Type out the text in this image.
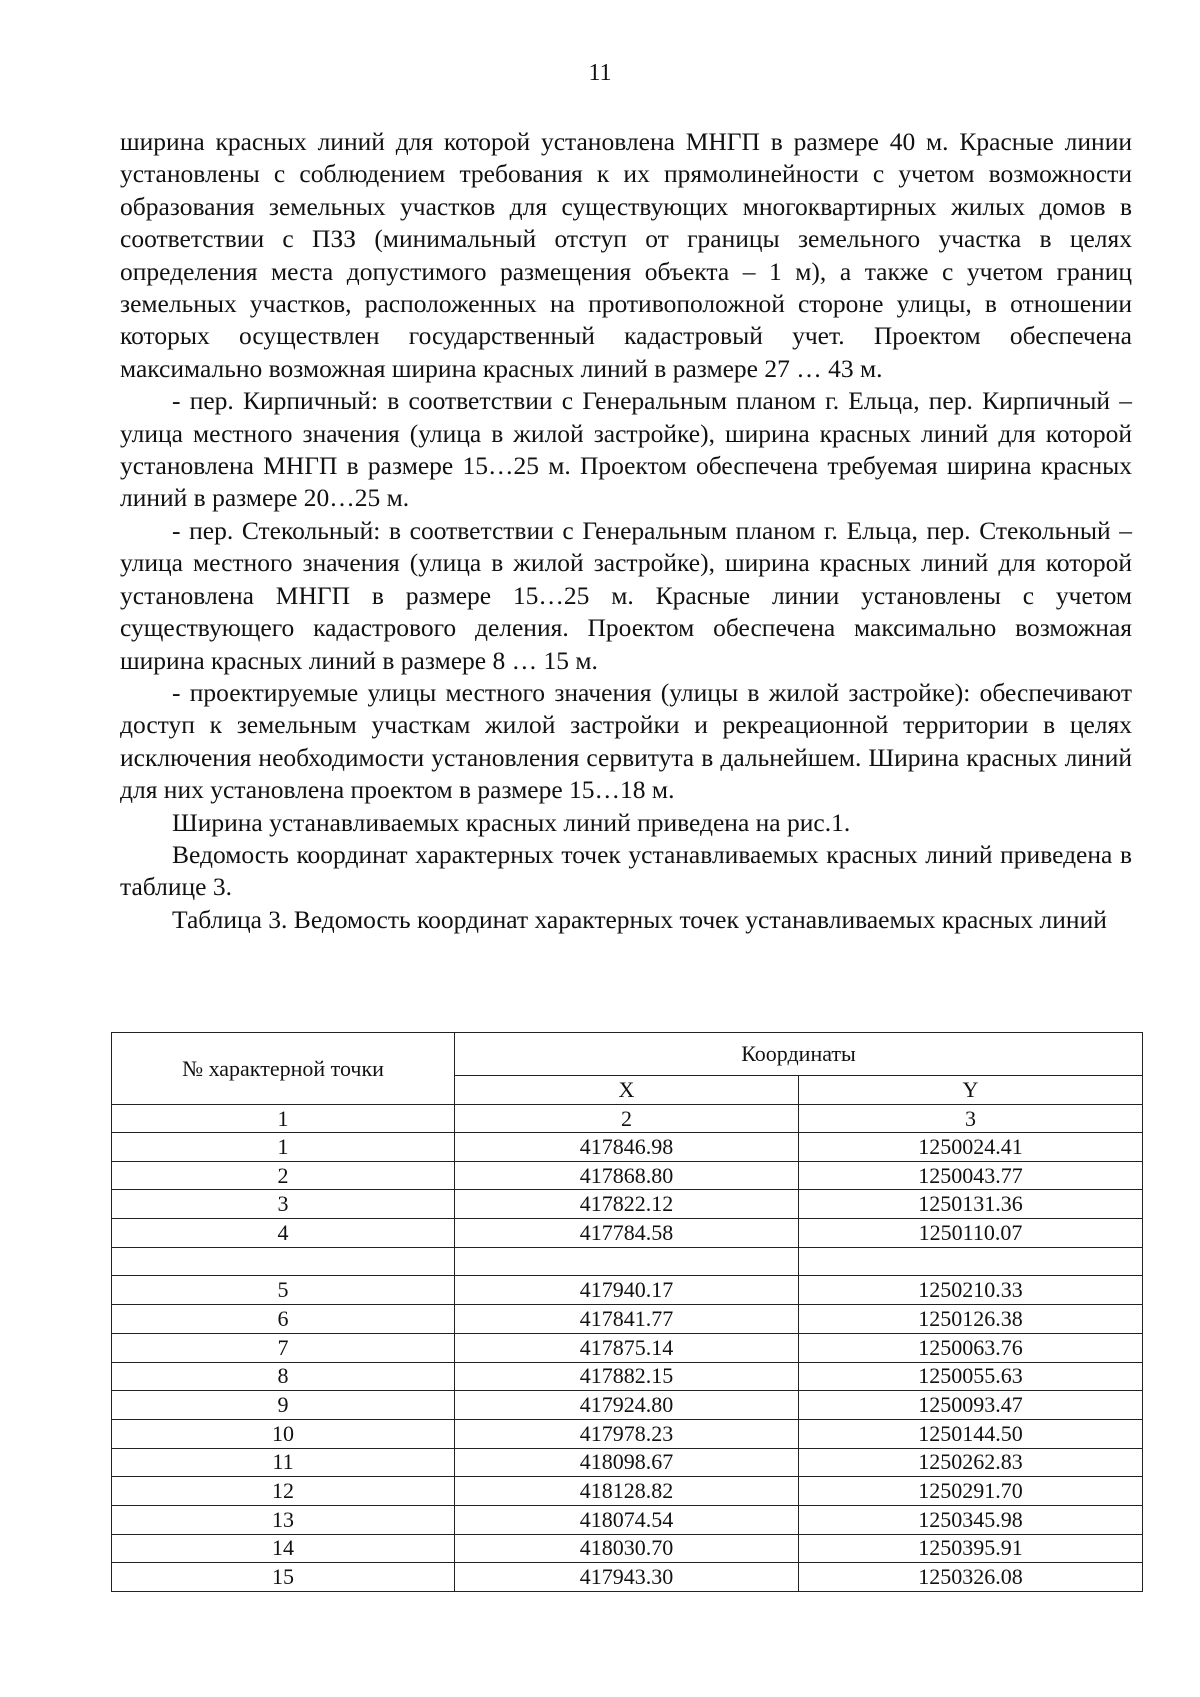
11

ширина красных линий для которой установлена МНГП в размере 40 м. Красные линии установлены с соблюдением требования к их прямолинейности с учетом возможности образования земельных участков для существующих многоквартирных жилых домов в соответствии с ПЗЗ (минимальный отступ от границы земельного участка в целях определения места допустимого размещения объекта – 1 м), а также с учетом границ земельных участков, расположенных на противоположной стороне улицы, в отношении которых осуществлен государственный кадастровый учет. Проектом обеспечена максимально возможная ширина красных линий в размере 27 … 43 м.

- пер. Кирпичный: в соответствии с Генеральным планом г. Ельца, пер. Кирпичный – улица местного значения (улица в жилой застройке), ширина красных линий для которой установлена МНГП в размере 15…25 м. Проектом обеспечена требуемая ширина красных линий в размере 20…25 м.

- пер. Стекольный: в соответствии с Генеральным планом г. Ельца, пер. Стекольный – улица местного значения (улица в жилой застройке), ширина красных линий для которой установлена МНГП в размере 15…25 м. Красные линии установлены с учетом существующего кадастрового деления. Проектом обеспечена максимально возможная ширина красных линий в размере 8 … 15 м.

- проектируемые улицы местного значения (улицы в жилой застройке): обеспечивают доступ к земельным участкам жилой застройки и рекреационной территории в целях исключения необходимости установления сервитута в дальнейшем. Ширина красных линий для них установлена проектом в размере 15…18 м.

Ширина устанавливаемых красных линий приведена на рис.1.

Ведомость координат характерных точек устанавливаемых красных линий приведена в таблице 3.

Таблица 3. Ведомость координат характерных точек устанавливаемых красных линий

№ характерной точки	Координаты	
	X	Y
1	2	3
1	417846.98	1250024.41
2	417868.80	1250043.77
3	417822.12	1250131.36
4	417784.58	1250110.07

5	417940.17	1250210.33
6	417841.77	1250126.38
7	417875.14	1250063.76
8	417882.15	1250055.63
9	417924.80	1250093.47
10	417978.23	1250144.50
11	418098.67	1250262.83
12	418128.82	1250291.70
13	418074.54	1250345.98
14	418030.70	1250395.91
15	417943.30	1250326.08
